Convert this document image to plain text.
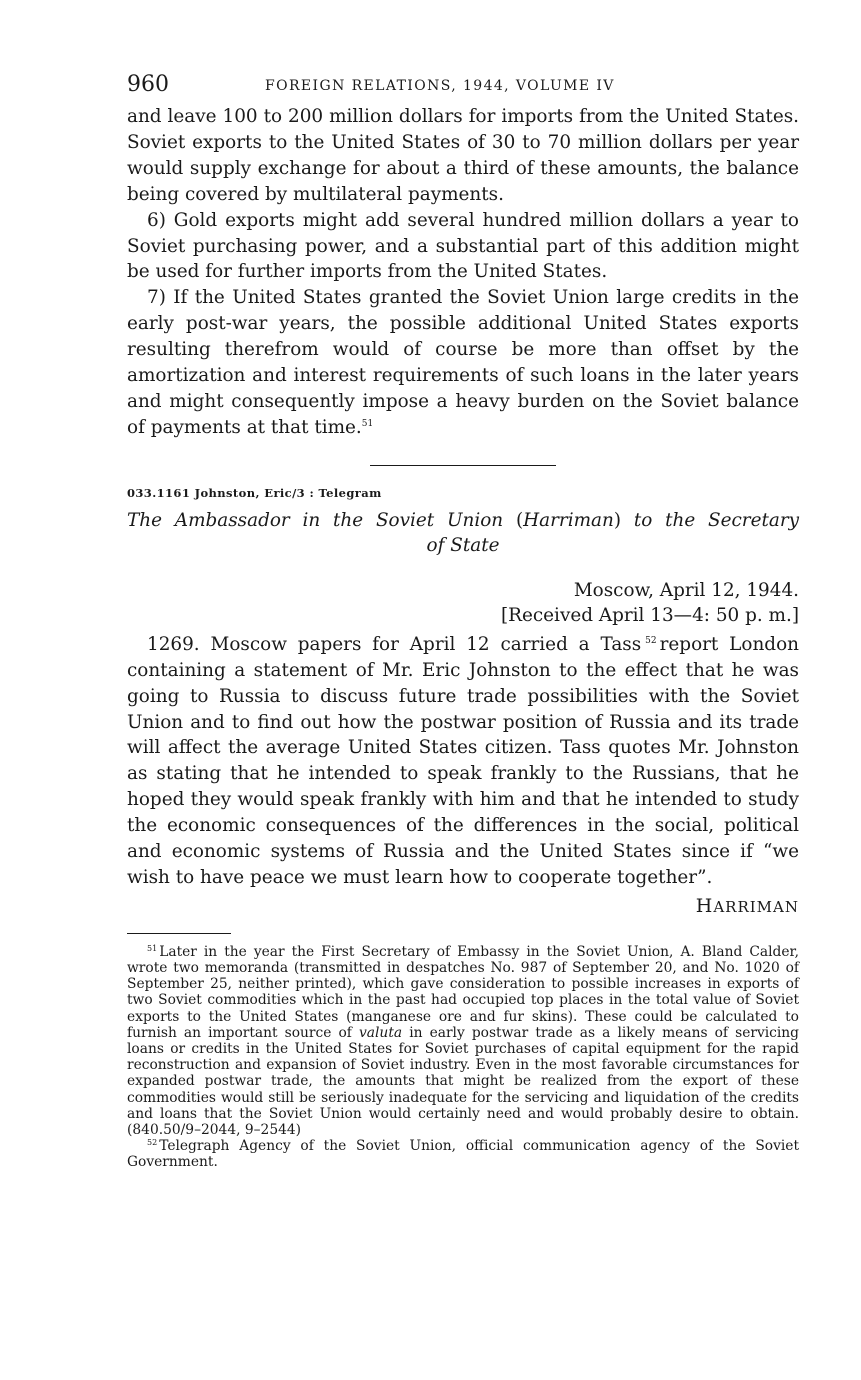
960	FOREIGN RELATIONS, 1944, VOLUME IV

and leave 100 to 200 million dollars for imports from the United States. Soviet exports to the United States of 30 to 70 million dollars per year would supply exchange for about a third of these amounts, the balance being covered by multilateral payments.

6) Gold exports might add several hundred million dollars a year to Soviet purchasing power, and a substantial part of this addition might be used for further imports from the United States.

7) If the United States granted the Soviet Union large credits in the early post-war years, the possible additional United States exports resulting therefrom would of course be more than offset by the amortization and interest requirements of such loans in the later years and might consequently impose a heavy burden on the Soviet balance of payments at that time.$^{51}$

033.1161 Johnston, Eric/3 : Telegram
The Ambassador in the Soviet Union (Harriman) to the Secretary
of State
Moscow, April 12, 1944.
[Received April 13—4: 50 p. m.]

1269. Moscow papers for April 12 carried a Tass $^{52}$ report London containing a statement of Mr. Eric Johnston to the effect that he was going to Russia to discuss future trade possibilities with the Soviet Union and to find out how the postwar position of Russia and its trade will affect the average United States citizen. Tass quotes Mr. Johnston as stating that he intended to speak frankly to the Russians, that he hoped they would speak frankly with him and that he intended to study the economic consequences of the differences in the social, political and economic systems of Russia and the United States since if “we wish to have peace we must learn how to cooperate together”.

HARRIMAN

$^{51}$ Later in the year the First Secretary of Embassy in the Soviet Union, A. Bland Calder, wrote two memoranda (transmitted in despatches No. 987 of September 20, and No. 1020 of September 25, neither printed), which gave consideration to possible increases in exports of two Soviet commodities which in the past had occupied top places in the total value of Soviet exports to the United States (manganese ore and fur skins). These could be calculated to furnish an important source of valuta in early postwar trade as a likely means of servicing loans or credits in the United States for Soviet purchases of capital equipment for the rapid reconstruction and expansion of Soviet industry. Even in the most favorable circumstances for expanded postwar trade, the amounts that might be realized from the export of these commodities would still be seriously inadequate for the servicing and liquidation of the credits and loans that the Soviet Union would certainly need and would probably desire to obtain. (840.50/9–2044, 9–2544)

$^{52}$ Telegraph Agency of the Soviet Union, official communication agency of the Soviet Government.
